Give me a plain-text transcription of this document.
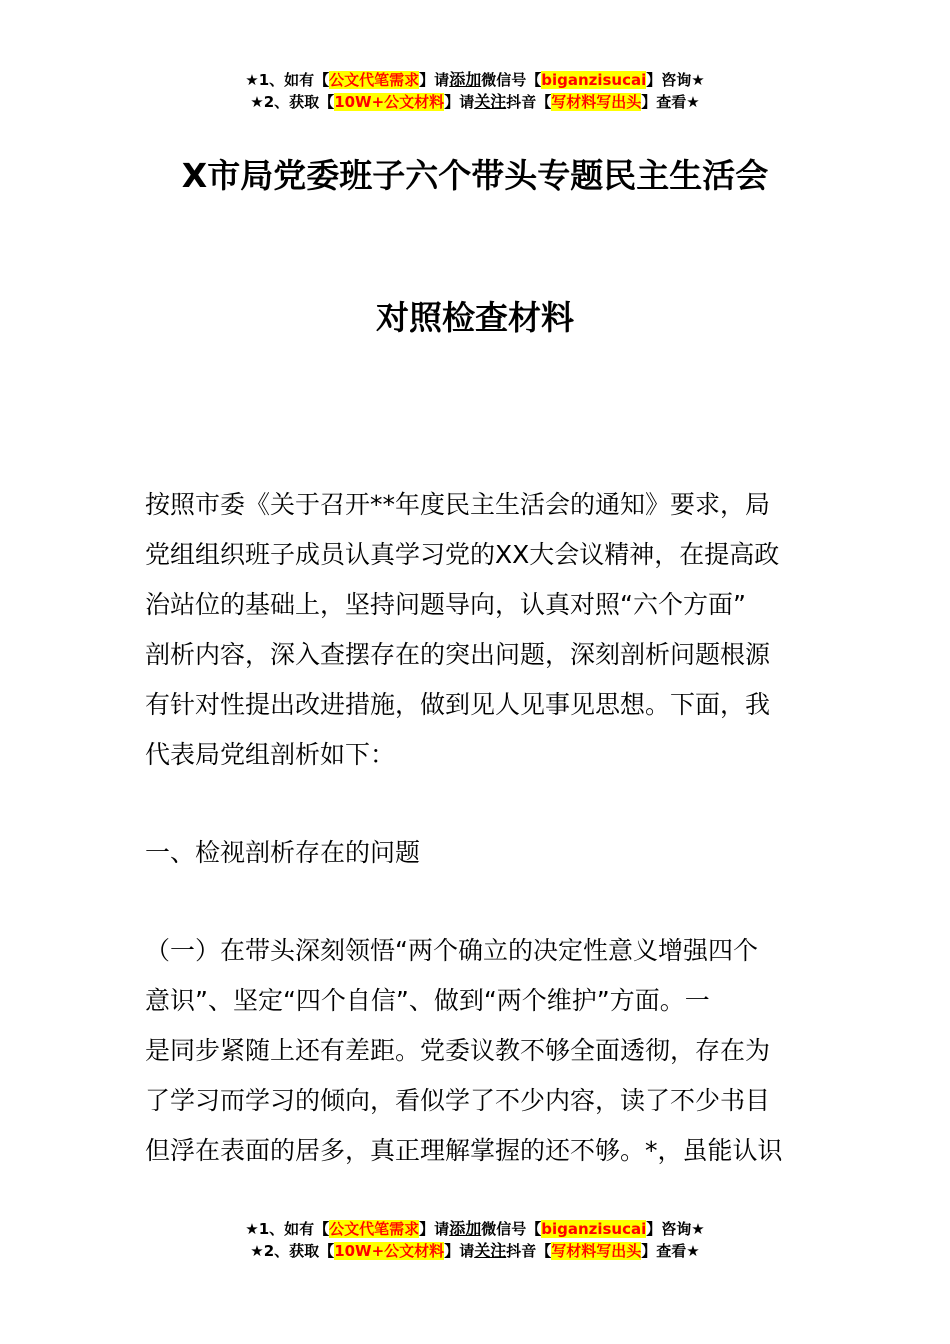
★1、如有【公文代笔需求】请添加微信号【biganzisucai】咨询★
★2、获取【10W+公文材料】请关注抖音【写材料写出头】查看★
X市局党委班子六个带头专题民主生活会
对照检查材料
按照市委《关于召开**年度民主生活会的通知》要求，局
党组组织班子成员认真学习党的XX大会议精神，在提高政
治站位的基础上，坚持问题导向，认真对照“六个方面”
剖析内容，深入查摆存在的突出问题，深刻剖析问题根源
有针对性提出改进措施，做到见人见事见思想。下面，我
代表局党组剖析如下：
一、检视剖析存在的问题
（一）在带头深刻领悟“两个确立的决定性意义增强四个
意识”、坚定“四个自信”、做到“两个维护”方面。一
是同步紧随上还有差距。党委议教不够全面透彻，存在为
了学习而学习的倾向，看似学了不少内容，读了不少书目
但浮在表面的居多，真正理解掌握的还不够。*，虽能认识
★1、如有【公文代笔需求】请添加微信号【biganzisucai】咨询★
★2、获取【10W+公文材料】请关注抖音【写材料写出头】查看★
